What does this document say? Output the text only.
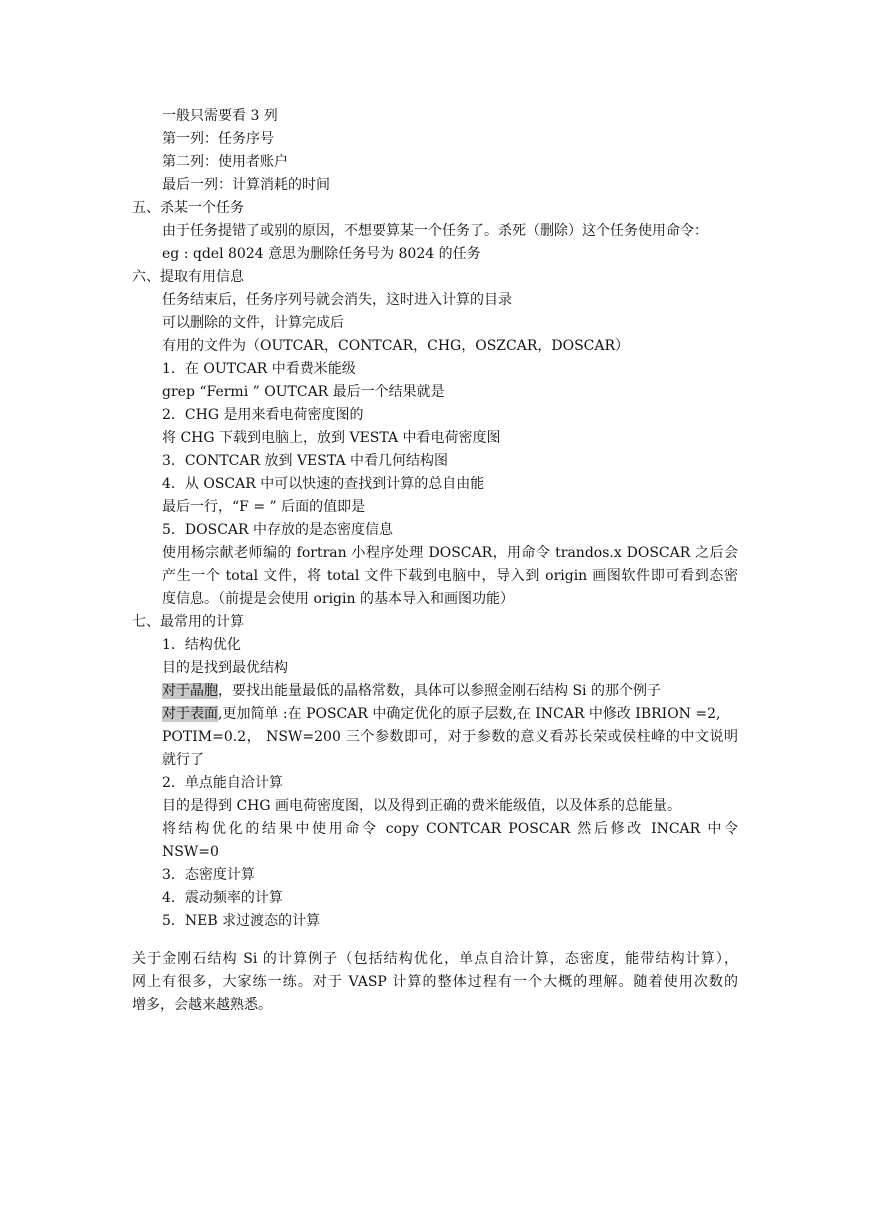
一般只需要看 3 列
第一列：任务序号
第二列：使用者账户
最后一列：计算消耗的时间
五、杀某一个任务
由于任务提错了或别的原因，不想要算某一个任务了。杀死（删除）这个任务使用命令：
eg : qdel 8024 意思为删除任务号为 8024 的任务
六、提取有用信息
任务结束后，任务序列号就会消失，这时进入计算的目录
可以删除的文件，计算完成后
有用的文件为（OUTCAR，CONTCAR，CHG，OSZCAR，DOSCAR）
1．在 OUTCAR 中看费米能级
grep “Fermi ” OUTCAR 最后一个结果就是
2．CHG 是用来看电荷密度图的
将 CHG 下载到电脑上，放到 VESTA 中看电荷密度图
3．CONTCAR 放到 VESTA 中看几何结构图
4．从 OSCAR 中可以快速的查找到计算的总自由能
最后一行，“F = ” 后面的值即是
5．DOSCAR 中存放的是态密度信息
使用杨宗献老师编的 fortran 小程序处理 DOSCAR，用命令 trandos.x DOSCAR 之后会
产生一个 total 文件，将 total 文件下载到电脑中，导入到 origin 画图软件即可看到态密
度信息。（前提是会使用 origin 的基本导入和画图功能）
七、最常用的计算
1．结构优化
目的是找到最优结构
对于晶胞，要找出能量最低的晶格常数，具体可以参照金刚石结构 Si 的那个例子
对于表面,更加简单 :在 POSCAR 中确定优化的原子层数,在 INCAR 中修改 IBRION =2,
POTIM=0.2， NSW=200 三个参数即可，对于参数的意义看苏长荣或侯柱峰的中文说明
就行了
2．单点能自洽计算
目的是得到 CHG 画电荷密度图，以及得到正确的费米能级值，以及体系的总能量。
将结构优化的结果中使用命令 copy CONTCAR POSCAR 然后修改 INCAR 中令
NSW=0
3．态密度计算
4．震动频率的计算
5．NEB 求过渡态的计算
关于金刚石结构 Si 的计算例子（包括结构优化，单点自洽计算，态密度，能带结构计算），
网上有很多，大家练一练。对于 VASP 计算的整体过程有一个大概的理解。随着使用次数的
增多，会越来越熟悉。
